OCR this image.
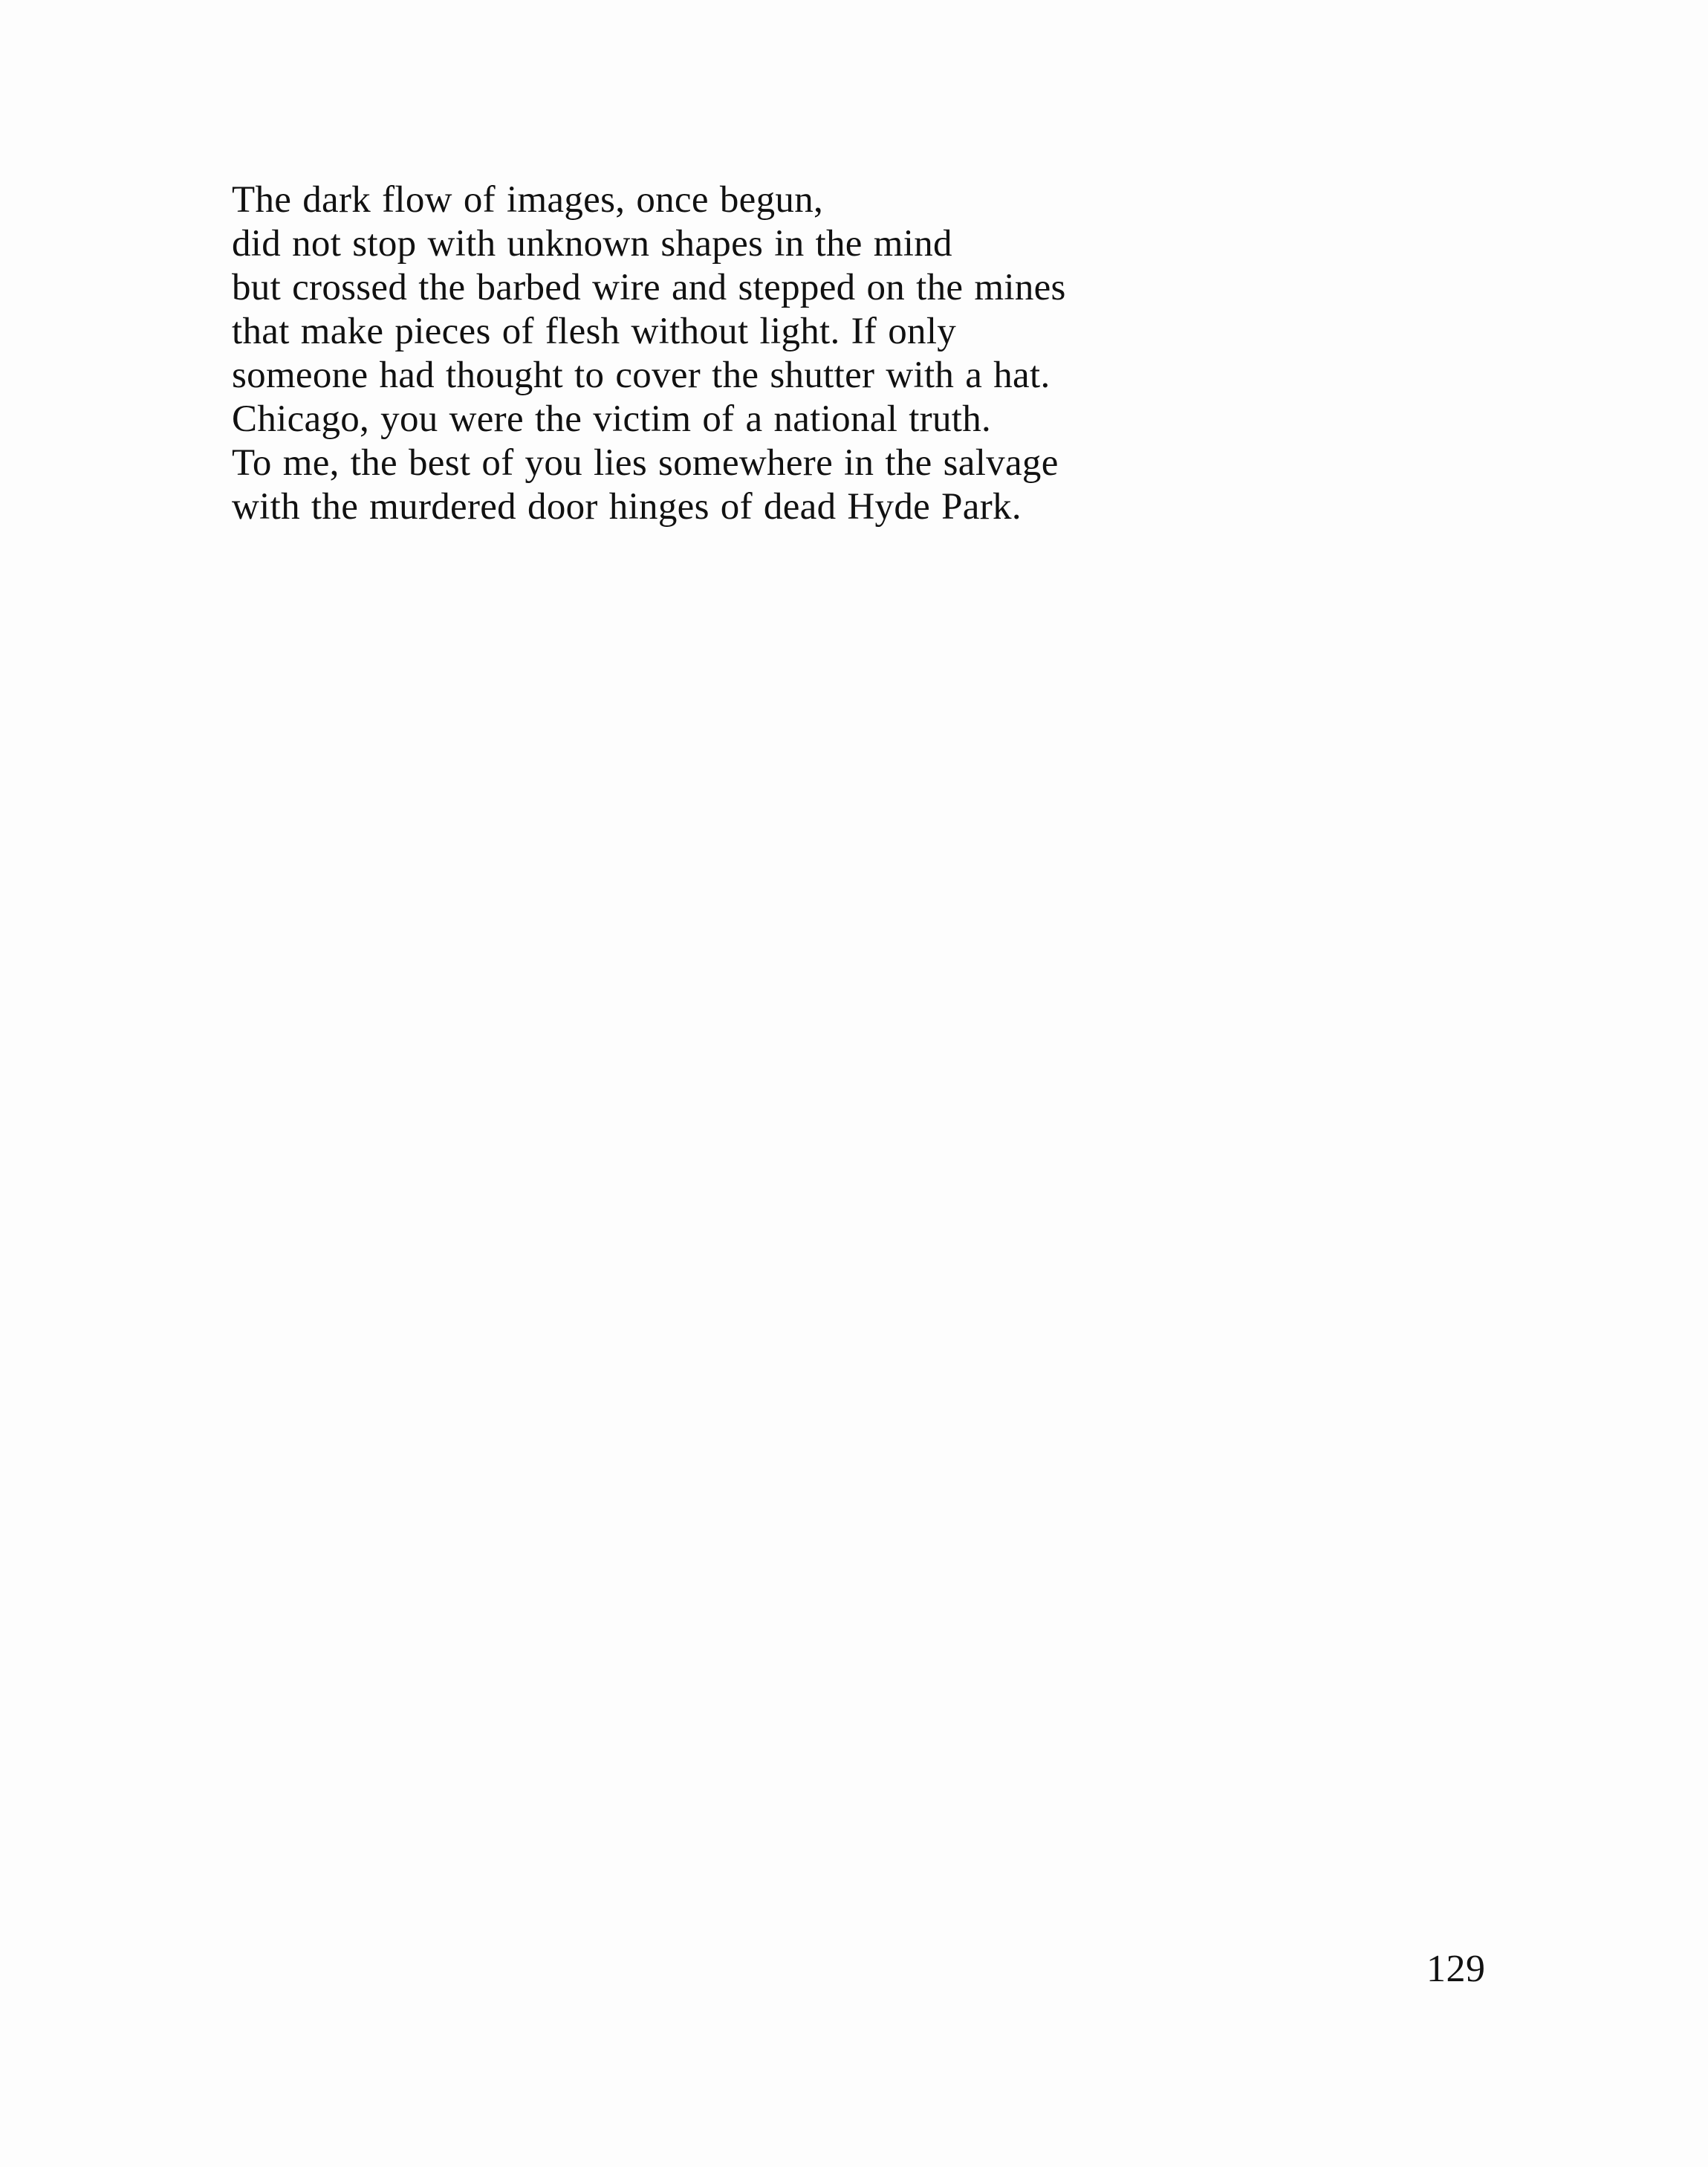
The dark flow of images, once begun,
did not stop with unknown shapes in the mind
but crossed the barbed wire and stepped on the mines
that make pieces of flesh without light. If only
someone had thought to cover the shutter with a hat.
Chicago, you were the victim of a national truth.
To me, the best of you lies somewhere in the salvage
with the murdered door hinges of dead Hyde Park.
129
